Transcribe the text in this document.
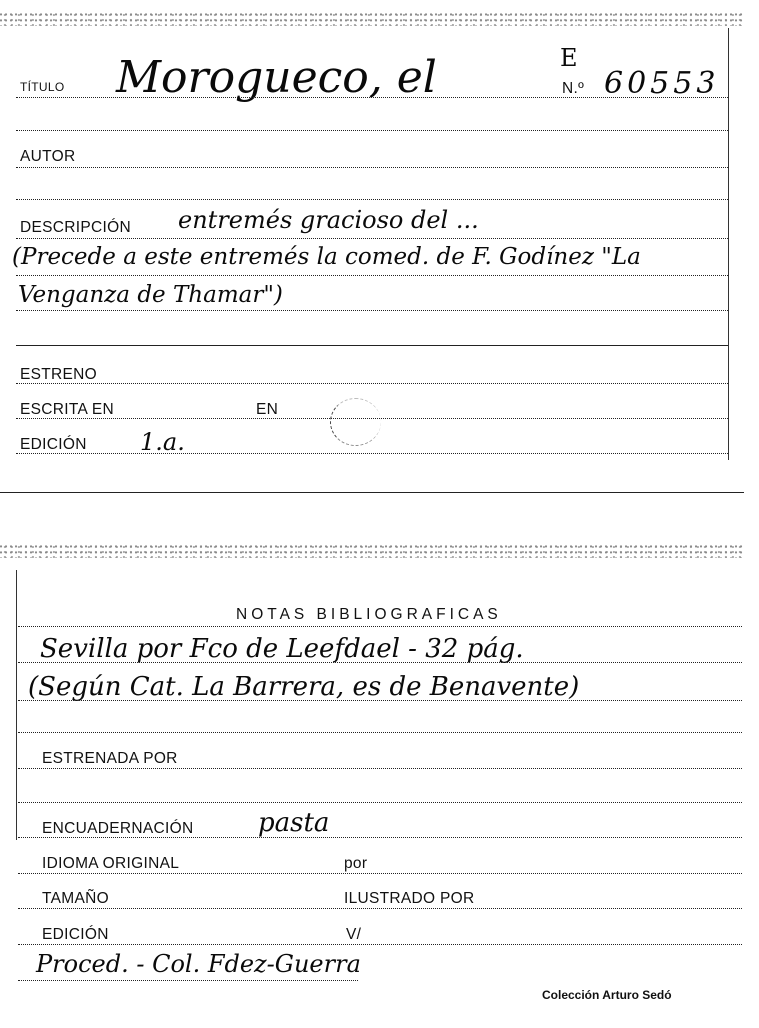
TÍTULO Morogueco, el	E
N.º 60553
AUTOR
DESCRIPCIÓN entremés gracioso del ...
(Precede a este entremés la comed. de F. Godínez "La
Venganza de Thamar")
ESTRENO
ESCRITA EN	EN
EDICIÓN 1.a.
NOTAS BIBLIOGRAFICAS
Sevilla por Fco de Leefdael - 32 pág.
(Según Cat. La Barrera, es de Benavente)
ESTRENADA POR
ENCUADERNACIÓN pasta
IDIOMA ORIGINAL	por
TAMAÑO	ILUSTRADO POR
EDICIÓN	V/
Proced. - Col. Fdez-Guerra
Colección Arturo Sedó
